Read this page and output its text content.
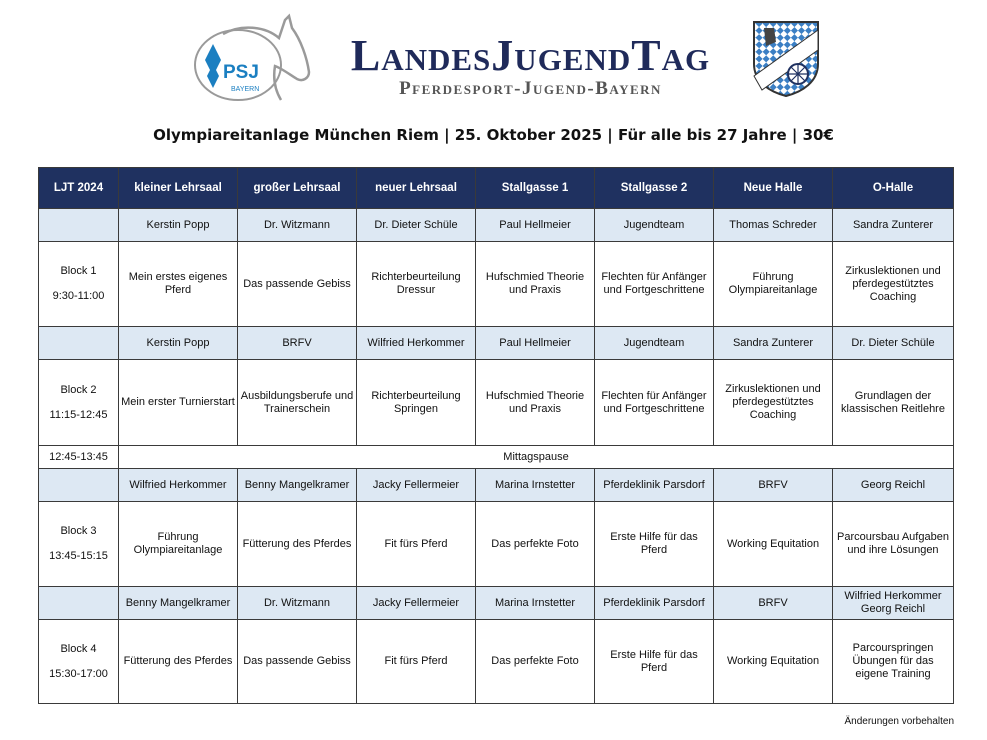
PSJ
BAYERN
LandesJugendTag
Pferdesport-Jugend-Bayern
Olympiareitanlage München Riem | 25. Oktober 2025 | Für alle bis 27 Jahre | 30€
LJT 2024	kleiner Lehrsaal	großer Lehrsaal	neuer Lehrsaal	Stallgasse 1	Stallgasse 2	Neue Halle	O-Halle
	Kerstin Popp	Dr. Witzmann	Dr. Dieter Schüle	Paul Hellmeier	Jugendteam	Thomas Schreder	Sandra Zunterer
Block 1
9:30-11:00	Mein erstes eigenes Pferd	Das passende Gebiss	Richterbeurteilung Dressur	Hufschmied Theorie und Praxis	Flechten für Anfänger und Fortgeschrittene	Führung Olympiareitanlage	Zirkuslektionen und pferdegestütztes Coaching
	Kerstin Popp	BRFV	Wilfried Herkommer	Paul Hellmeier	Jugendteam	Sandra Zunterer	Dr. Dieter Schüle
Block 2
11:15-12:45	Mein erster Turnierstart	Ausbildungsberufe und Trainerschein	Richterbeurteilung Springen	Hufschmied Theorie und Praxis	Flechten für Anfänger und Fortgeschrittene	Zirkuslektionen und pferdegestütztes Coaching	Grundlagen der klassischen Reitlehre
12:45-13:45	Mittagspause						
	Wilfried Herkommer	Benny Mangelkramer	Jacky Fellermeier	Marina Irnstetter	Pferdeklinik Parsdorf	BRFV	Georg Reichl
Block 3
13:45-15:15	Führung Olympiareitanlage	Fütterung des Pferdes	Fit fürs Pferd	Das perfekte Foto	Erste Hilfe für das Pferd	Working Equitation	Parcoursbau Aufgaben und ihre Lösungen
	Benny Mangelkramer	Dr. Witzmann	Jacky Fellermeier	Marina Irnstetter	Pferdeklinik Parsdorf	BRFV	Wilfried Herkommer Georg Reichl
Block 4
15:30-17:00	Fütterung des Pferdes	Das passende Gebiss	Fit fürs Pferd	Das perfekte Foto	Erste Hilfe für das Pferd	Working Equitation	Parcourspringen Übungen für das eigene Training
Änderungen vorbehalten
